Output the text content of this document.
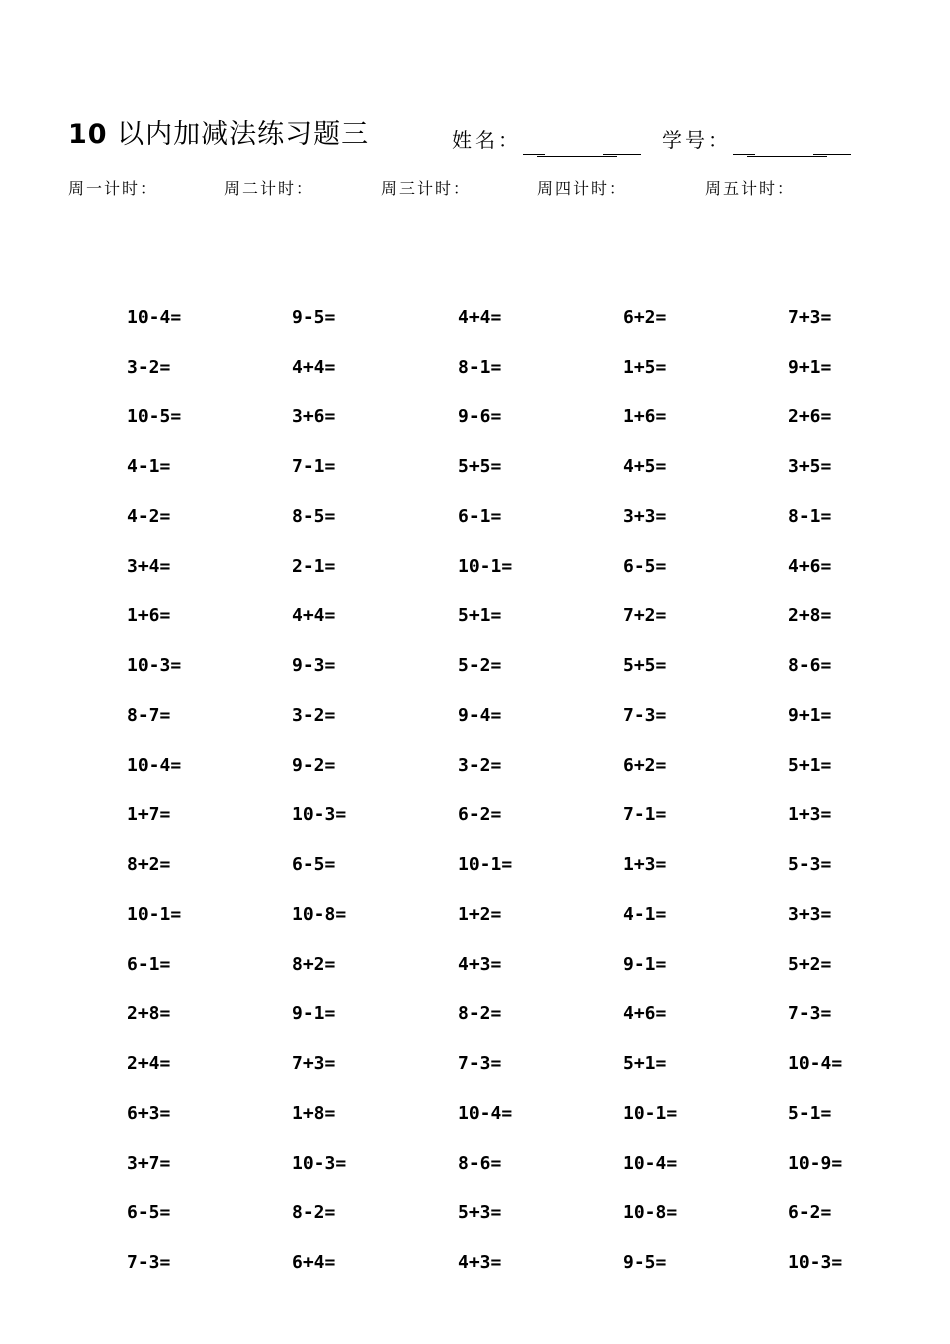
10 以内加减法练习题三	姓名：	学号：
周一计时：	周二计时：	周三计时：	周四计时：	周五计时：
10-4=	9-5=	4+4=	6+2=	7+3=
3-2=	4+4=	8-1=	1+5=	9+1=
10-5=	3+6=	9-6=	1+6=	2+6=
4-1=	7-1=	5+5=	4+5=	3+5=
4-2=	8-5=	6-1=	3+3=	8-1=
3+4=	2-1=	10-1=	6-5=	4+6=
1+6=	4+4=	5+1=	7+2=	2+8=
10-3=	9-3=	5-2=	5+5=	8-6=
8-7=	3-2=	9-4=	7-3=	9+1=
10-4=	9-2=	3-2=	6+2=	5+1=
1+7=	10-3=	6-2=	7-1=	1+3=
8+2=	6-5=	10-1=	1+3=	5-3=
10-1=	10-8=	1+2=	4-1=	3+3=
6-1=	8+2=	4+3=	9-1=	5+2=
2+8=	9-1=	8-2=	4+6=	7-3=
2+4=	7+3=	7-3=	5+1=	10-4=
6+3=	1+8=	10-4=	10-1=	5-1=
3+7=	10-3=	8-6=	10-4=	10-9=
6-5=	8-2=	5+3=	10-8=	6-2=
7-3=	6+4=	4+3=	9-5=	10-3=
